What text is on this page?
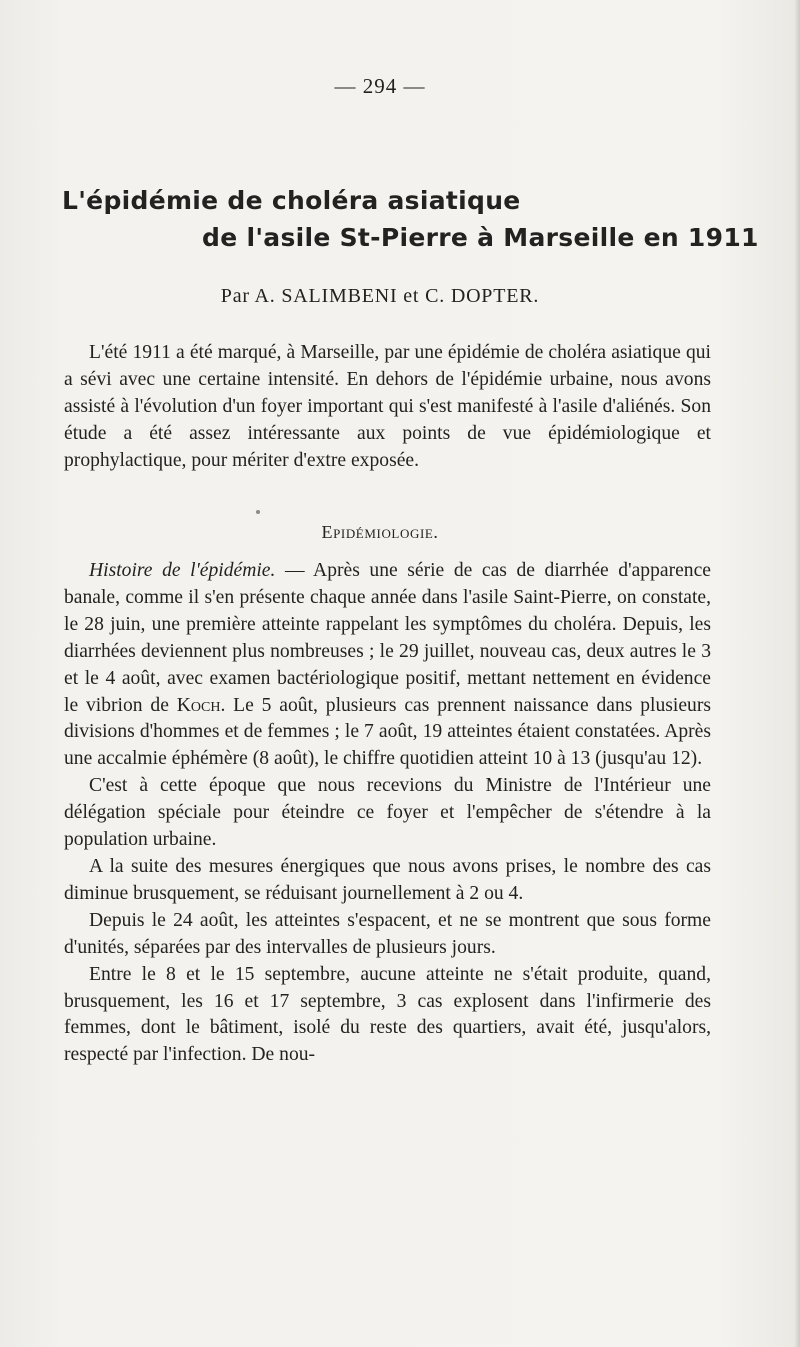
— 294 —
L'épidémie de choléra asiatique
de l'asile St-Pierre à Marseille en 1911
Par A. SALIMBENI et C. DOPTER.

L'été 1911 a été marqué, à Marseille, par une épidémie de choléra asiatique qui a sévi avec une certaine intensité. En dehors de l'épidémie urbaine, nous avons assisté à l'évolution d'un foyer important qui s'est manifesté à l'asile d'aliénés. Son étude a été assez intéressante aux points de vue épidémiologique et prophylactique, pour mériter d'extre exposée.

Epidémiologie.

Histoire de l'épidémie. — Après une série de cas de diarrhée d'apparence banale, comme il s'en présente chaque année dans l'asile Saint-Pierre, on constate, le 28 juin, une première atteinte rappelant les symptômes du choléra. Depuis, les diarrhées deviennent plus nombreuses ; le 29 juillet, nouveau cas, deux autres le 3 et le 4 août, avec examen bactériologique positif, mettant nettement en évidence le vibrion de Koch. Le 5 août, plusieurs cas prennent naissance dans plusieurs divisions d'hommes et de femmes ; le 7 août, 19 atteintes étaient constatées. Après une accalmie éphémère (8 août), le chiffre quotidien atteint 10 à 13 (jusqu'au 12).

C'est à cette époque que nous recevions du Ministre de l'Intérieur une délégation spéciale pour éteindre ce foyer et l'empêcher de s'étendre à la population urbaine.

A la suite des mesures énergiques que nous avons prises, le nombre des cas diminue brusquement, se réduisant journellement à 2 ou 4.

Depuis le 24 août, les atteintes s'espacent, et ne se montrent que sous forme d'unités, séparées par des intervalles de plusieurs jours.

Entre le 8 et le 15 septembre, aucune atteinte ne s'était produite, quand, brusquement, les 16 et 17 septembre, 3 cas explosent dans l'infirmerie des femmes, dont le bâtiment, isolé du reste des quartiers, avait été, jusqu'alors, respecté par l'infection. De nou-
